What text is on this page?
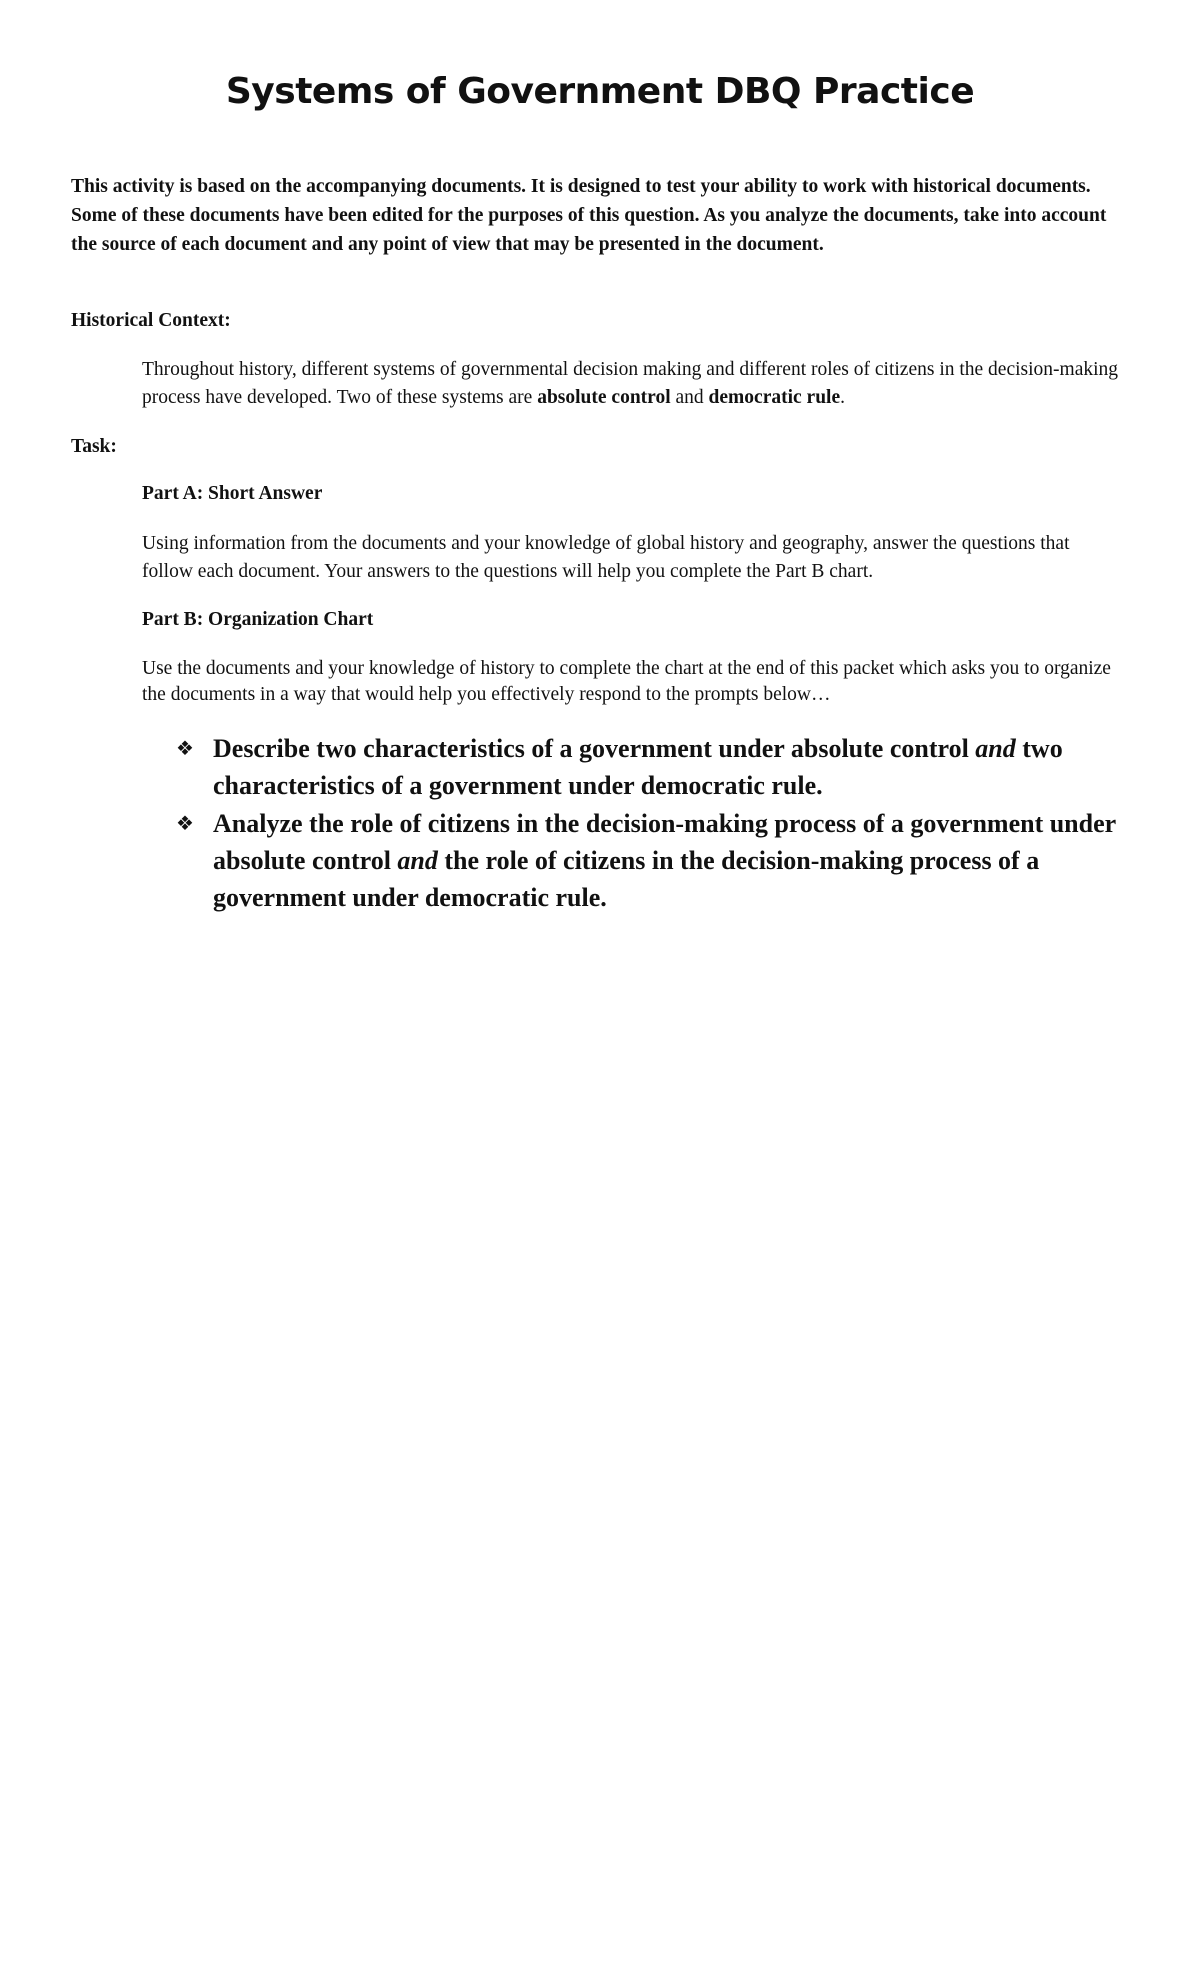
Systems of Government DBQ Practice

This activity is based on the accompanying documents. It is designed to test your ability to work with historical documents. Some of these documents have been edited for the purposes of this question. As you analyze the documents, take into account the source of each document and any point of view that may be presented in the document.

Historical Context:

Throughout history, different systems of governmental decision making and different roles of citizens in the decision-making process have developed. Two of these systems are absolute control and democratic rule.

Task:

Part A: Short Answer

Using information from the documents and your knowledge of global history and geography, answer the questions that follow each document. Your answers to the questions will help you complete the Part B chart.

Part B: Organization Chart

Use the documents and your knowledge of history to complete the chart at the end of this packet which asks you to organize the documents in a way that would help you effectively respond to the prompts below…

❖ Describe two characteristics of a government under absolute control and two characteristics of a government under democratic rule.
❖ Analyze the role of citizens in the decision-making process of a government under absolute control and the role of citizens in the decision-making process of a government under democratic rule.
